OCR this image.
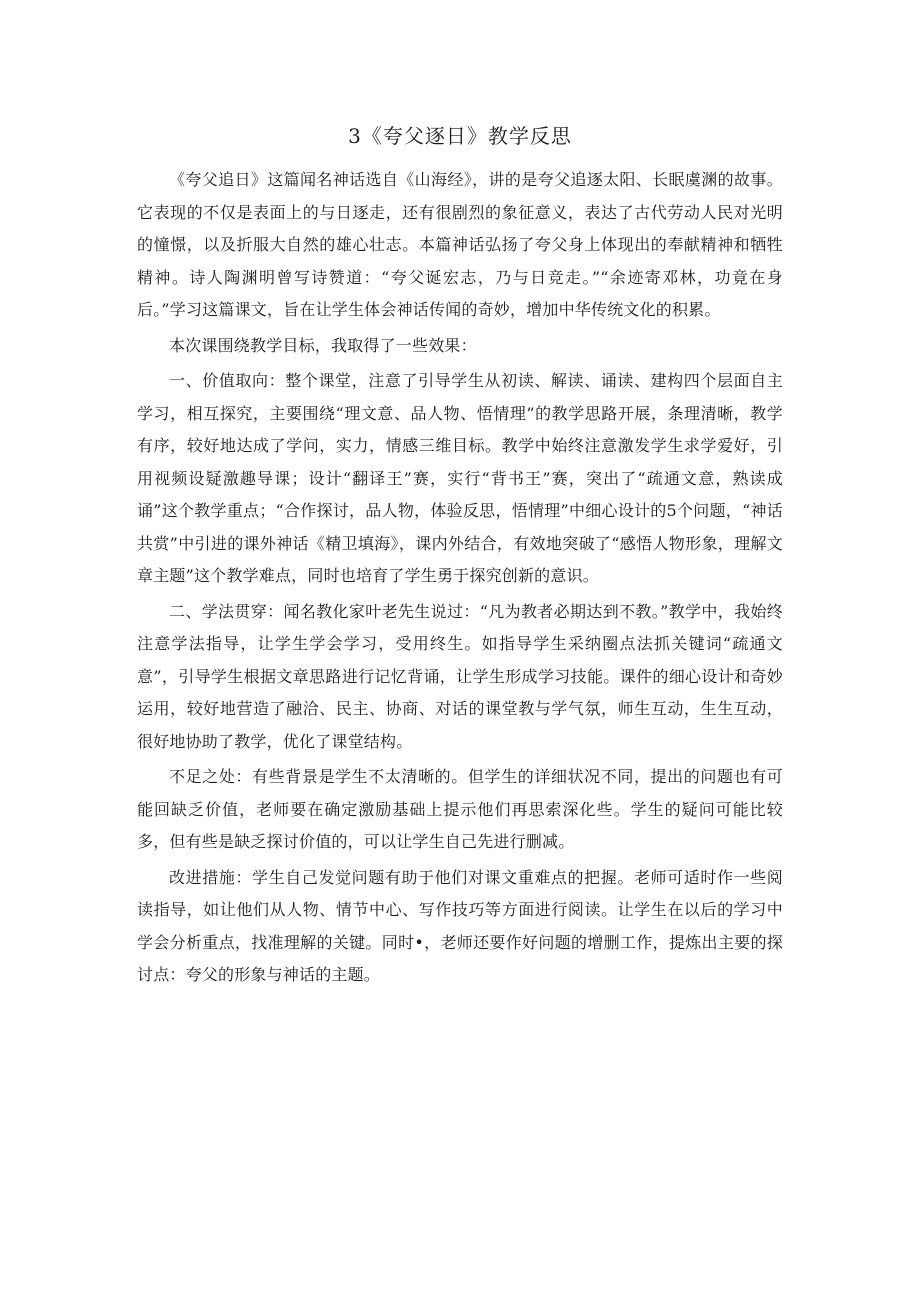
3《夸父逐日》教学反思

《夸父追日》这篇闻名神话选自《山海经》，讲的是夸父追逐太阳、长眠虞渊的故事。它表现的不仅是表面上的与日逐走，还有很剧烈的象征意义，表达了古代劳动人民对光明的憧憬，以及折服大自然的雄心壮志。本篇神话弘扬了夸父身上体现出的奉献精神和牺牲精神。诗人陶渊明曾写诗赞道：“夸父诞宏志，乃与日竞走。”“余迹寄邓林，功竟在身后。”学习这篇课文，旨在让学生体会神话传闻的奇妙，增加中华传统文化的积累。

本次课围绕教学目标，我取得了一些效果：

一、价值取向：整个课堂，注意了引导学生从初读、解读、诵读、建构四个层面自主学习，相互探究，主要围绕“理文意、品人物、悟情理”的教学思路开展，条理清晰，教学有序，较好地达成了学问，实力，情感三维目标。教学中始终注意激发学生求学爱好，引用视频设疑激趣导课；设计“翻译王”赛，实行“背书王”赛，突出了“疏通文意，熟读成诵”这个教学重点；“合作探讨，品人物，体验反思，悟情理”中细心设计的5个问题，“神话共赏”中引进的课外神话《精卫填海》，课内外结合，有效地突破了“感悟人物形象，理解文章主题”这个教学难点，同时也培育了学生勇于探究创新的意识。

二、学法贯穿：闻名教化家叶老先生说过：“凡为教者必期达到不教。”教学中，我始终注意学法指导，让学生学会学习，受用终生。如指导学生采纳圈点法抓关键词“疏通文意”，引导学生根据文章思路进行记忆背诵，让学生形成学习技能。课件的细心设计和奇妙运用，较好地营造了融洽、民主、协商、对话的课堂教与学气氛，师生互动，生生互动，很好地协助了教学，优化了课堂结构。

不足之处：有些背景是学生不太清晰的。但学生的详细状况不同，提出的问题也有可能回缺乏价值，老师要在确定激励基础上提示他们再思索深化些。学生的疑问可能比较多，但有些是缺乏探讨价值的，可以让学生自己先进行删减。

改进措施：学生自己发觉问题有助于他们对课文重难点的把握。老师可适时作一些阅读指导，如让他们从人物、情节中心、写作技巧等方面进行阅读。让学生在以后的学习中学会分析重点，找准理解的关键。同时•，老师还要作好问题的增删工作，提炼出主要的探讨点：夸父的形象与神话的主题。
